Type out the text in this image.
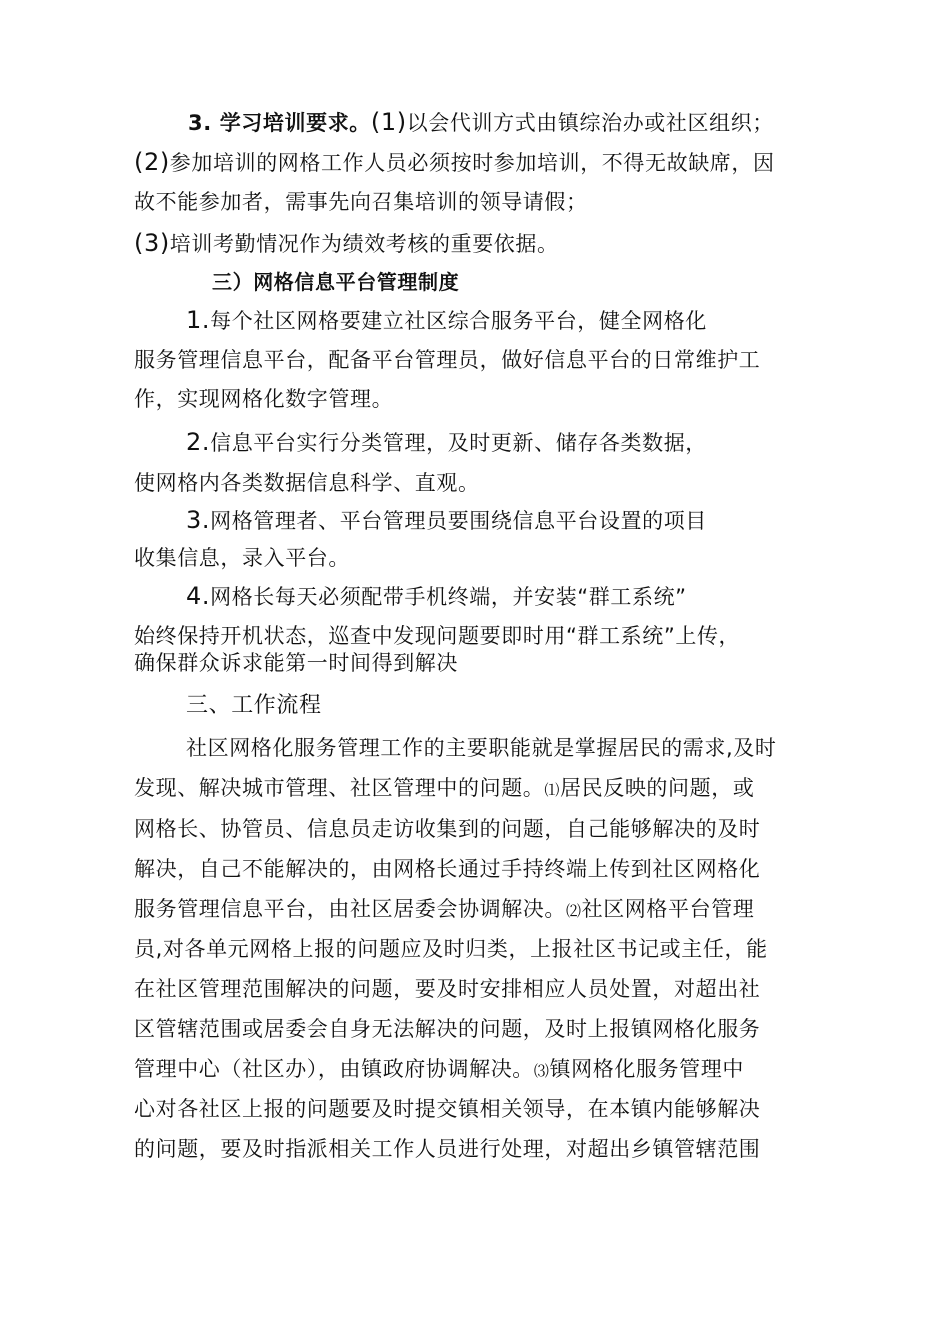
3. 学习培训要求。(1)以会代训方式由镇综治办或社区组织；
(2)参加培训的网格工作人员必须按时参加培训，不得无故缺席，因
故不能参加者，需事先向召集培训的领导请假；
(3)培训考勤情况作为绩效考核的重要依据。
三）网格信息平台管理制度
1.每个社区网格要建立社区综合服务平台，健全网格化
服务管理信息平台，配备平台管理员，做好信息平台的日常维护工
作，实现网格化数字管理。
2.信息平台实行分类管理，及时更新、储存各类数据，
使网格内各类数据信息科学、直观。
3.网格管理者、平台管理员要围绕信息平台设置的项目
收集信息，录入平台。
4.网格长每天必须配带手机终端，并安装“群工系统”
始终保持开机状态，巡查中发现问题要即时用“群工系统”上传，
确保群众诉求能第一时间得到解决
三、工作流程
社区网格化服务管理工作的主要职能就是掌握居民的需求,及时
发现、解决城市管理、社区管理中的问题。⑴居民反映的问题，或
网格长、协管员、信息员走访收集到的问题，自己能够解决的及时
解决，自己不能解决的，由网格长通过手持终端上传到社区网格化
服务管理信息平台，由社区居委会协调解决。⑵社区网格平台管理
员,对各单元网格上报的问题应及时归类，上报社区书记或主任，能
在社区管理范围解决的问题，要及时安排相应人员处置，对超出社
区管辖范围或居委会自身无法解决的问题，及时上报镇网格化服务
管理中心（社区办），由镇政府协调解决。⑶镇网格化服务管理中
心对各社区上报的问题要及时提交镇相关领导，在本镇内能够解决
的问题，要及时指派相关工作人员进行处理，对超出乡镇管辖范围
